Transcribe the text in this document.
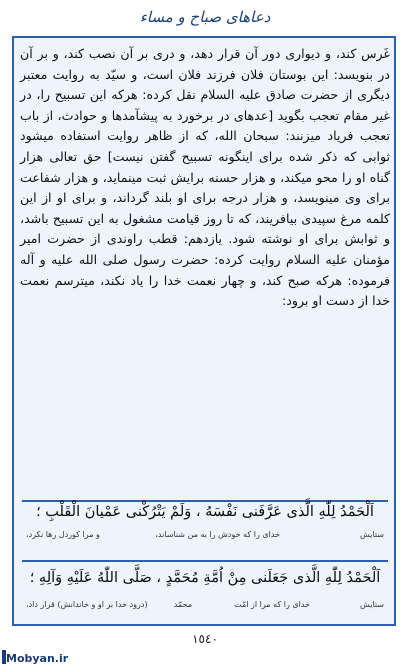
دعاهای صباح و مساء

غَرس کند، و دیواری دور آن قرار دهد، و دری بر آن نصب کند، و بر آن در بنویسد: این بوستان فلان فرزند فلان است، و سیّد به روایت معتبر دیگری از حضرت صادق علیه السلام نقل کرده: هرکه این تسبیح را، در غیر مقام تعجب بگوید [عدهای در برخورد به پیشآمدها و حوادث، از باب تعجب فریاد میزنند: سبحان الله، که از ظاهر روایت استفاده میشود ثوابی که ذکر شده برای اینگونه تسبیح گفتن نیست] حق تعالی هزار گناه او را محو میکند، و هزار حسنه برایش ثبت مینماید، و هزار شفاعت برای وی مینویسد، و هزار درجه برای او بلند گرداند، و برای او از این کلمه مرغ سپیدی بیافریند، که تا روز قیامت مشغول به این تسبیح باشد، و ثوابش برای او نوشته شود. یازدهم: قطب راوندی از حضرت امیر مؤمنان علیه السلام روایت کرده: حضرت رسول صلی الله علیه و آله فرموده: هرکه صبح کند، و چهار نعمت خدا را یاد نکند، میترسم نعمت خدا از دست او برود:

اَلْحَمْدُ لِلّٰهِ الَّذى عَرَّفَنى نَفْسَهُ ، وَلَمْ يَتْرُكْنى عَمْيانَ الْقَلْبِ ؛
ستایش
خدای را که خودش را به من شناساند،
و مرا کوردل رها نکرد،
اَلْحَمْدُ لِلّٰهِ الَّذى جَعَلَنى مِنْ اُمَّةِ مُحَمَّدٍ ، صَلَّى اللّٰهُ عَلَيْهِ وَآلِهِ ؛
ستایش
خدای را که مرا از امّت
محمّد
(درود خدا بر او و خاندانش) قرار داد،
١٥٤٠
Mobyan.ir
